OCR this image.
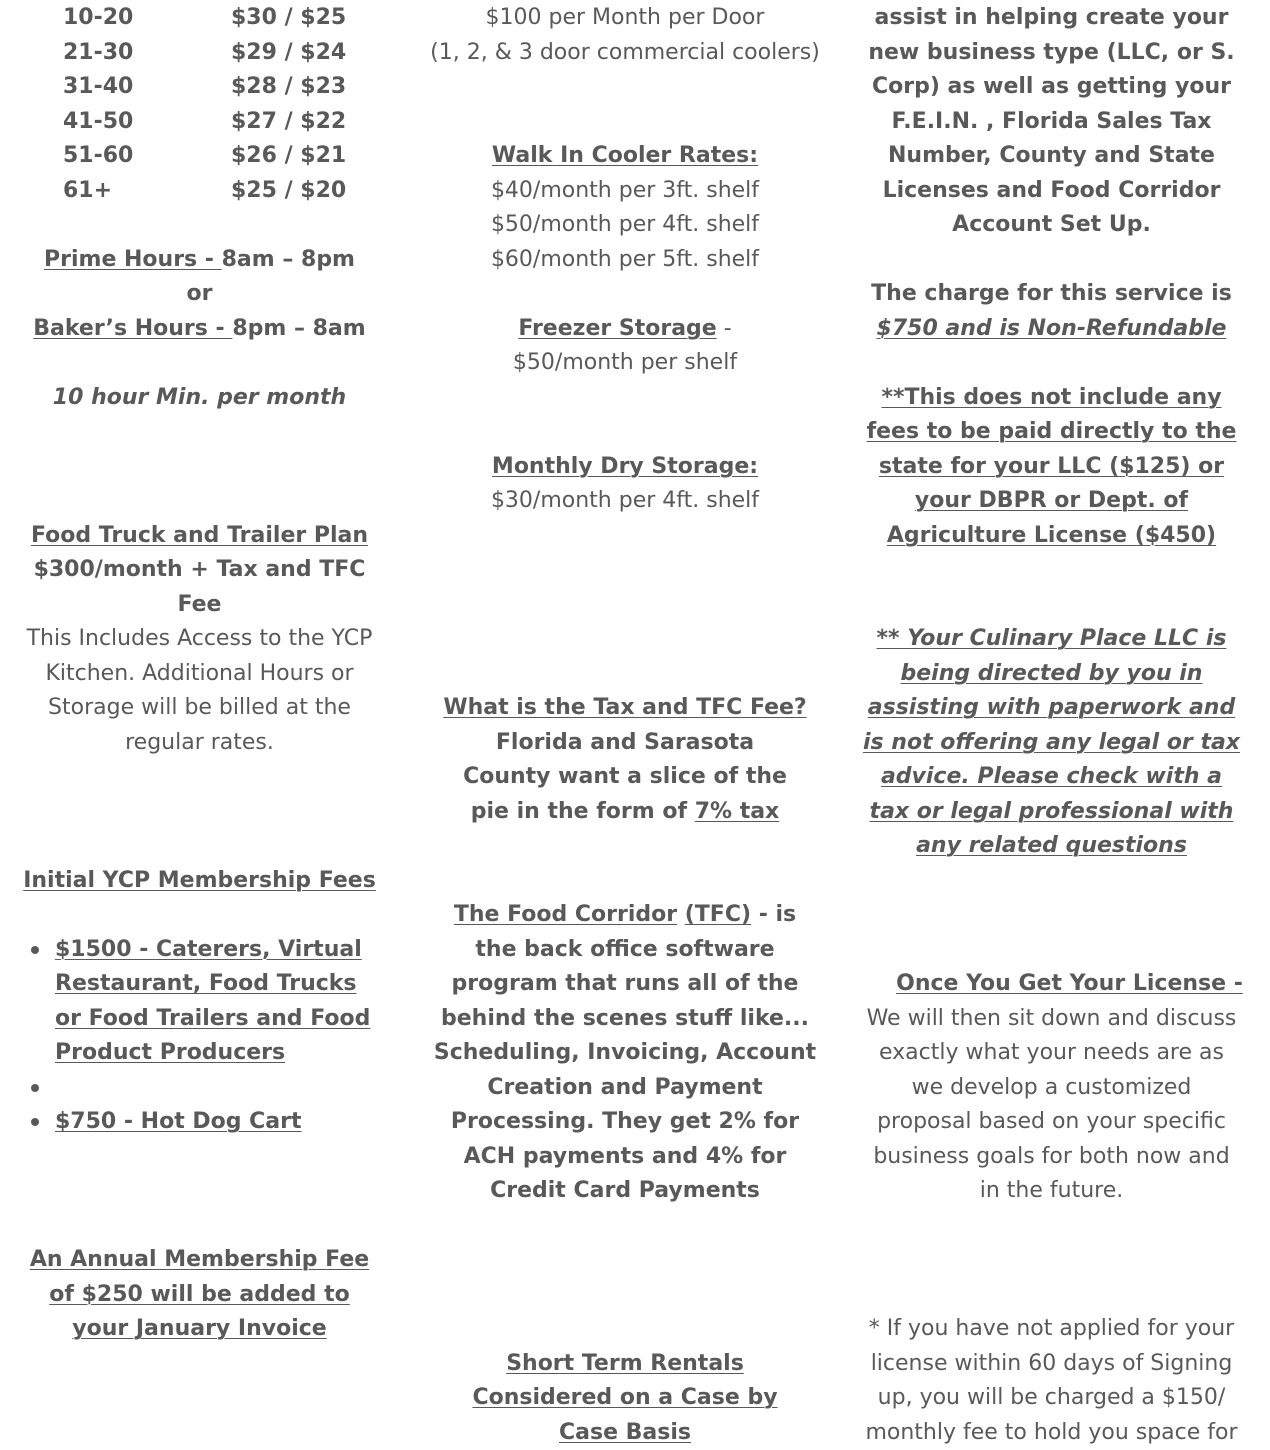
10-20	$30 / $25
21-30	$29 / $24
31-40	$28 / $23
41-50	$27 / $22
51-60	$26 / $21
61+	$25 / $20
Prime Hours - 8am – 8pm
or
Baker’s Hours - 8pm – 8am
10 hour Min. per month
Food Truck and Trailer Plan
$300/month + Tax and TFC Fee
This Includes Access to the YCP Kitchen. Additional Hours or Storage will be billed at the regular rates.
Initial YCP Membership Fees
$1500 - Caterers, Virtual Restaurant, Food Trucks or Food Trailers and Food Product Producers
$750 - Hot Dog Cart
An Annual Membership Fee of $250 will be added to your January Invoice
$100 per Month per Door
(1, 2, & 3 door commercial coolers)
Walk In Cooler Rates:
$40/month per 3ft. shelf
$50/month per 4ft. shelf
$60/month per 5ft. shelf
Freezer Storage -
$50/month per shelf
Monthly Dry Storage:
$30/month per 4ft. shelf
What is the Tax and TFC Fee?
Florida and Sarasota County want a slice of the pie in the form of 7% tax
The Food Corridor (TFC) - is the back office software program that runs all of the behind the scenes stuff like... Scheduling, Invoicing, Account Creation and Payment Processing. They get 2% for ACH payments and 4% for Credit Card Payments
Short Term Rentals Considered on a Case by Case Basis
assist in helping create your new business type (LLC, or S. Corp) as well as getting your F.E.I.N. , Florida Sales Tax Number, County and State Licenses and Food Corridor Account Set Up.
The charge for this service is
$750 and is Non-Refundable
**This does not include any fees to be paid directly to the state for your LLC ($125) or your DBPR or Dept. of Agriculture License ($450)
** Your Culinary Place LLC is being directed by you in assisting with paperwork and is not offering any legal or tax advice. Please check with a tax or legal professional with any related questions
Once You Get Your License -
We will then sit down and discuss exactly what your needs are as we develop a customized proposal based on your specific business goals for both now and in the future.
* If you have not applied for your license within 60 days of Signing up, you will be charged a $150/ monthly fee to hold you space for
